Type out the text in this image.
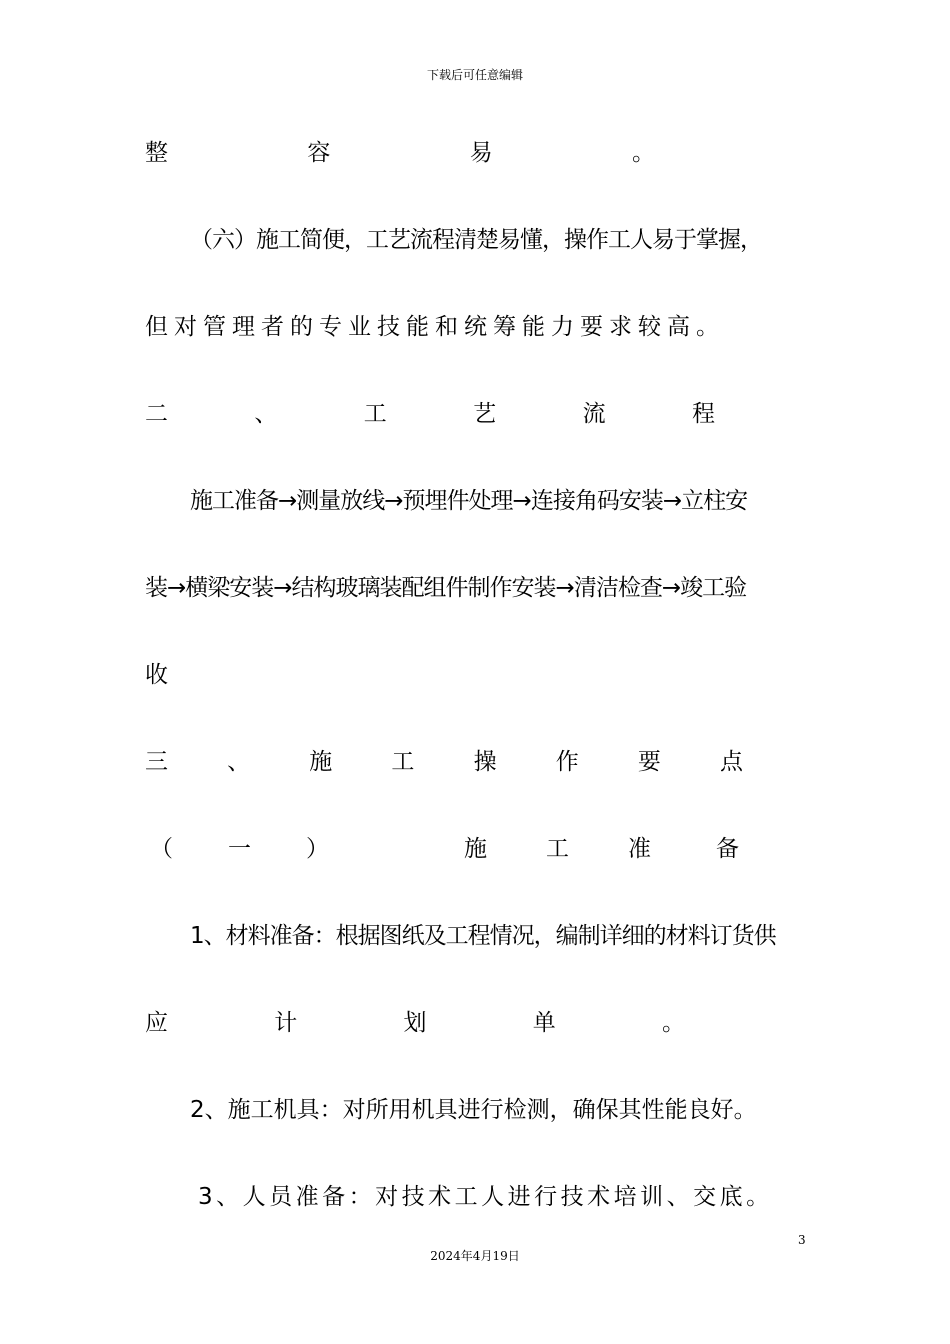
下载后可任意编辑
整	容	易	。
（六）施工简便，工艺流程清楚易懂，操作工人易于掌握，
但对管理者的专业技能和统筹能力要求较高。
二	、	工	艺	流	程
施工准备→测量放线→预埋件处理→连接角码安装→立柱安
装→横梁安装→结构玻璃装配组件制作安装→清洁检查→竣工验
收
三	、	施	工	操	作	要	点
（ 一 ）	施	工	准	备
1、材料准备：根据图纸及工程情况，编制详细的材料订货供
应	计	划	单	。
2、施工机具：对所用机具进行检测，确保其性能良好。
3、人员准备：对技术工人进行技术培训、交底。
3
2024年4月19日
